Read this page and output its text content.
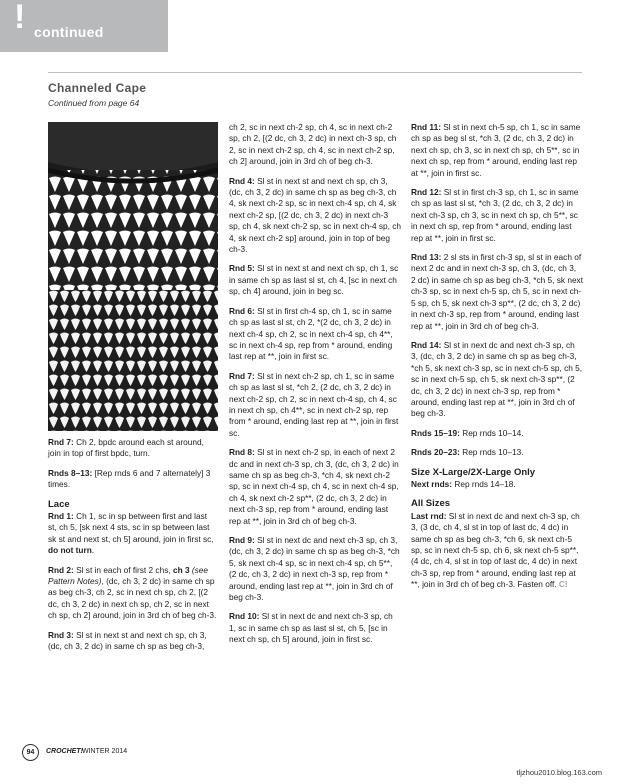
! continued
Channeled Cape
Continued from page 64

Rnd 7: Ch 2, bpdc around each st around, join in top of first bpdc, turn.

Rnds 8–13: [Rep rnds 6 and 7 alternately] 3 times.

Lace

Rnd 1: Ch 1, sc in sp between first and last st, ch 5, [sk next 4 sts, sc in sp between last sk st and next st, ch 5] around, join in first sc, do not turn.

Rnd 2: Sl st in each of first 2 chs, ch 3 (see Pattern Notes), (dc, ch 3, 2 dc) in same ch sp as beg ch-3, ch 2, sc in next ch sp, ch 2, [(2 dc, ch 3, 2 dc) in next ch sp, ch 2, sc in next ch sp, ch 2] around, join in 3rd ch of beg ch-3.

Rnd 3: Sl st in next st and next ch sp, ch 3, (dc, ch 3, 2 dc) in same ch sp as beg ch-3,

ch 2, sc in next ch-2 sp, ch 4, sc in next ch-2 sp, ch 2, [(2 dc, ch 3, 2 dc) in next ch-3 sp, ch 2, sc in next ch-2 sp, ch 4, sc in next ch-2 sp, ch 2] around, join in 3rd ch of beg ch-3.

Rnd 4: Sl st in next st and next ch sp, ch 3, (dc, ch 3, 2 dc) in same ch sp as beg ch-3, ch 4, sk next ch-2 sp, sc in next ch-4 sp, ch 4, sk next ch-2 sp, [(2 dc, ch 3, 2 dc) in next ch-3 sp, ch 4, sk next ch-2 sp, sc in next ch-4 sp, ch 4, sk next ch-2 sp] around, join in top of beg ch-3.

Rnd 5: Sl st in next st and next ch sp, ch 1, sc in same ch sp as last sl st, ch 4, [sc in next ch sp, ch 4] around, join in beg sc.

Rnd 6: Sl st in first ch-4 sp, ch 1, sc in same ch sp as last sl st, ch 2, *(2 dc, ch 3, 2 dc) in next ch-4 sp, ch 2, sc in next ch-4 sp, ch 4**, sc in next ch-4 sp, rep from * around, ending last rep at **, join in first sc.

Rnd 7: Sl st in next ch-2 sp, ch 1, sc in same ch sp as last sl st, *ch 2, (2 dc, ch 3, 2 dc) in next ch-2 sp, ch 2, sc in next ch-4 sp, ch 4, sc in next ch sp, ch 4**, sc in next ch-2 sp, rep from * around, ending last rep at **, join in first sc.

Rnd 8: Sl st in next ch-2 sp, in each of next 2 dc and in next ch-3 sp, ch 3, (dc, ch 3, 2 dc) in same ch sp as beg ch-3, *ch 4, sk next ch-2 sp, sc in next ch-4 sp, ch 4, sc in next ch-4 sp, ch 4, sk next ch-2 sp**, (2 dc, ch 3, 2 dc) in next ch-3 sp, rep from * around, ending last rep at **, join in 3rd ch of beg ch-3.

Rnd 9: Sl st in next dc and next ch-3 sp, ch 3, (dc, ch 3, 2 dc) in same ch sp as beg ch-3, *ch 5, sk next ch-4 sp, sc in next ch-4 sp, ch 5**, (2 dc, ch 3, 2 dc) in next ch-3 sp, rep from * around, ending last rep at **, join in 3rd ch of beg ch-3.

Rnd 10: Sl st in next dc and next ch-3 sp, ch 1, sc in same ch sp as last sl st, ch 5, [sc in next ch sp, ch 5] around, join in first sc.

Rnd 11: Sl st in next ch-5 sp, ch 1, sc in same ch sp as beg sl st, *ch 3, (2 dc, ch 3, 2 dc) in next ch sp, ch 3, sc in next ch sp, ch 5**, sc in next ch sp, rep from * around, ending last rep at **, join in first sc.

Rnd 12: Sl st in first ch-3 sp, ch 1, sc in same ch sp as last sl st, *ch 3, (2 dc, ch 3, 2 dc) in next ch-3 sp, ch 3, sc in next ch sp, ch 5**, sc in next ch sp, rep from * around, ending last rep at **, join in first sc.

Rnd 13: 2 sl sts in first ch-3 sp, sl st in each of next 2 dc and in next ch-3 sp, ch 3, (dc, ch 3, 2 dc) in same ch sp as beg ch-3, *ch 5, sk next ch-3 sp, sc in next ch-5 sp, ch 5, sc in next ch-5 sp, ch 5, sk next ch-3 sp**, (2 dc, ch 3, 2 dc) in next ch-3 sp, rep from * around, ending last rep at **, join in 3rd ch of beg ch-3.

Rnd 14: Sl st in next dc and next ch-3 sp, ch 3, (dc, ch 3, 2 dc) in same ch sp as beg ch-3, *ch 5, sk next ch-3 sp, sc in next ch-5 sp, ch 5, sc in next ch-5 sp, ch 5, sk next ch-3 sp**, (2 dc, ch 3, 2 dc) in next ch-3 sp, rep from * around, ending last rep at **, join in 3rd ch of beg ch-3.

Rnds 15–19: Rep rnds 10–14.

Rnds 20–23: Rep rnds 10–13.

Size X-Large/2X-Large Only

Next rnds: Rep rnds 14–18.

All Sizes

Last rnd: Sl st in next dc and next ch-3 sp, ch 3, (3 dc, ch 4, sl st in top of last dc, 4 dc) in same ch sp as beg ch-3, *ch 6, sk next ch-5 sp, sc in next ch-5 sp, ch 6, sk next ch-5 sp**, (4 dc, ch 4, sl st in top of last dc, 4 dc) in next ch-3 sp, rep from * around, ending last rep at **, join in 3rd ch of beg ch-3. Fasten off. C!

94	CROCHET! WINTER 2014
tljzhou2010.blog.163.com
